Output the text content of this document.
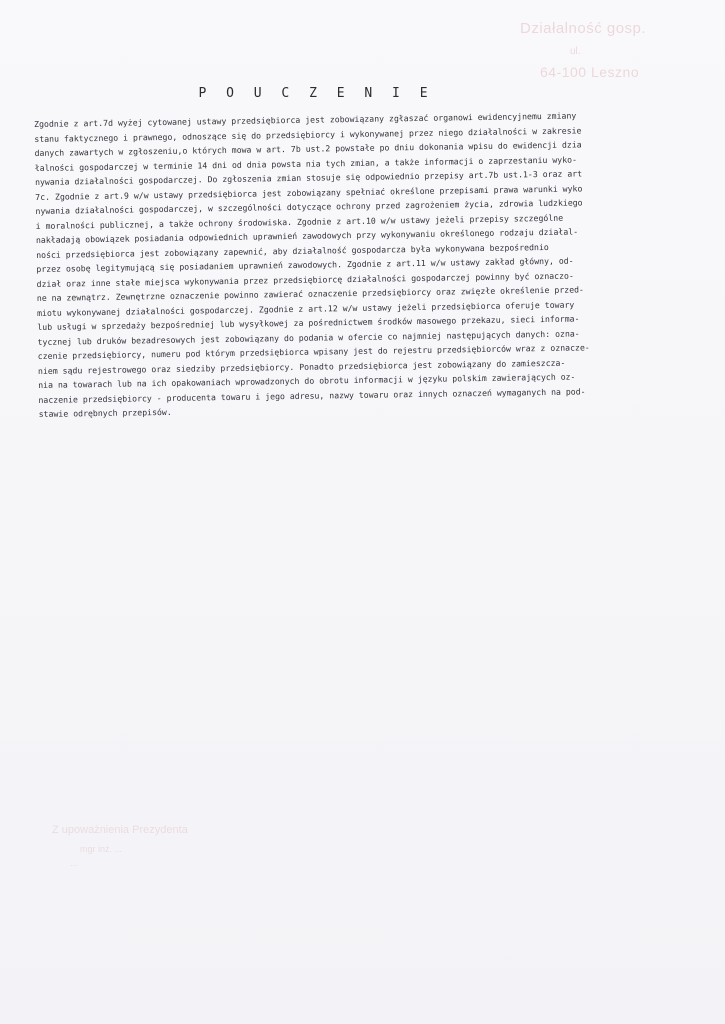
Działalność gosp.
ul.
64-100 Leszno
P O U C Z E N I E
Zgodnie z art.7d wyżej cytowanej ustawy przedsiębiorca jest zobowiązany zgłaszać organowi ewidencyjnemu zmiany
stanu faktycznego i prawnego, odnoszące się do przedsiębiorcy i wykonywanej przez niego działalności w zakresie
danych zawartych w zgłoszeniu,o których mowa w art. 7b ust.2 powstałe po dniu dokonania wpisu do ewidencji dzia
łalności gospodarczej w terminie 14 dni od dnia powsta nia tych zmian, a także informacji o zaprzestaniu wyko-
nywania działalności gospodarczej. Do zgłoszenia zmian stosuje się odpowiednio przepisy art.7b ust.1-3 oraz art
7c. Zgodnie z art.9 w/w ustawy przedsiębiorca jest zobowiązany spełniać określone przepisami prawa warunki wyko
nywania działalności gospodarczej, w szczególności dotyczące ochrony przed zagrożeniem życia, zdrowia ludzkiego
i moralności publicznej, a także ochrony środowiska. Zgodnie z art.10 w/w ustawy jeżeli przepisy szczególne
nakładają obowiązek posiadania odpowiednich uprawnień zawodowych przy wykonywaniu określonego rodzaju działal-
ności przedsiębiorca jest zobowiązany zapewnić, aby działalność gospodarcza była wykonywana bezpośrednio
przez osobę legitymującą się posiadaniem uprawnień zawodowych. Zgodnie z art.11 w/w ustawy zakład główny, od-
dział oraz inne stałe miejsca wykonywania przez przedsiębiorcę działalności gospodarczej powinny być oznaczo-
ne na zewnątrz. Zewnętrzne oznaczenie powinno zawierać oznaczenie przedsiębiorcy oraz zwięzłe określenie przed-
miotu wykonywanej działalności gospodarczej. Zgodnie z art.12 w/w ustawy jeżeli przedsiębiorca oferuje towary
lub usługi w sprzedaży bezpośredniej lub wysyłkowej za pośrednictwem środków masowego przekazu, sieci informa-
tycznej lub druków bezadresowych jest zobowiązany do podania w ofercie co najmniej następujących danych: ozna-
czenie przedsiębiorcy, numeru pod którym przedsiębiorca wpisany jest do rejestru przedsiębiorców wraz z oznacze-
niem sądu rejestrowego oraz siedziby przedsiębiorcy. Ponadto przedsiębiorca jest zobowiązany do zamieszcza-
nia na towarach lub na ich opakowaniach wprowadzonych do obrotu informacji w języku polskim zawierających oz-
naczenie przedsiębiorcy - producenta towaru i jego adresu, nazwy towaru oraz innych oznaczeń wymaganych na pod-
stawie odrębnych przepisów.
Z upoważnienia Prezydenta
mgr inż. ...
...
